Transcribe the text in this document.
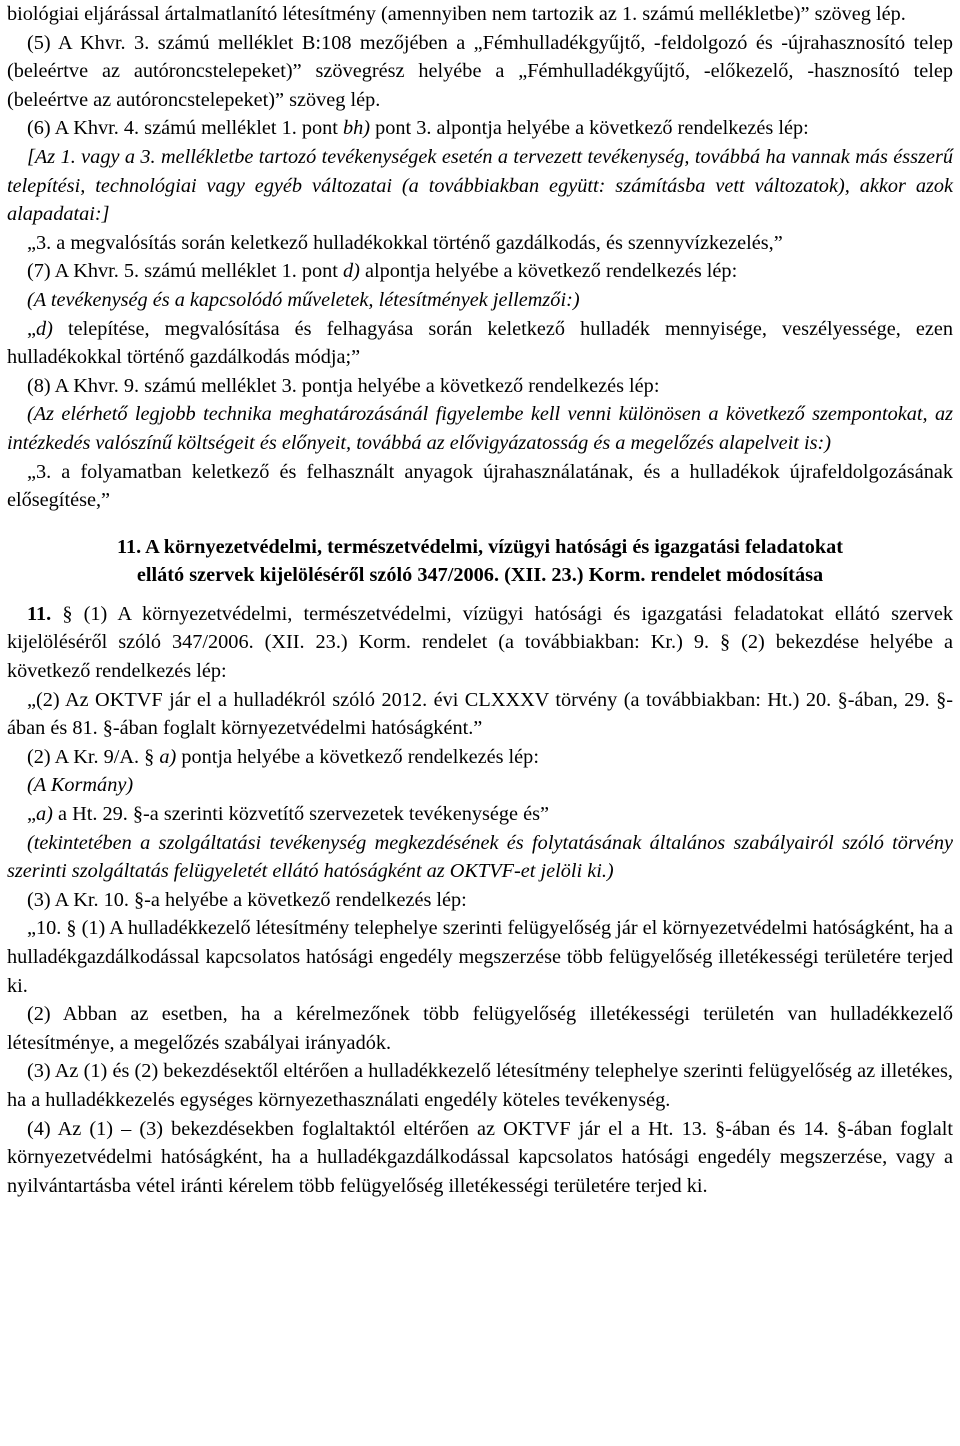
biológiai eljárással ártalmatlanító létesítmény (amennyiben nem tartozik az 1. számú mellékletbe)” szöveg lép.

(5) A Khvr. 3. számú melléklet B:108 mezőjében a „Fémhulladékgyűjtő, -feldolgozó és -újrahasznosító telep (beleértve az autóroncstelepeket)” szövegrész helyébe a „Fémhulladékgyűjtő, -előkezelő, -hasznosító telep (beleértve az autóroncstelepeket)” szöveg lép.

(6) A Khvr. 4. számú melléklet 1. pont bh) pont 3. alpontja helyébe a következő rendelkezés lép:

[Az 1. vagy a 3. mellékletbe tartozó tevékenységek esetén a tervezett tevékenység, továbbá ha vannak más ésszerű telepítési, technológiai vagy egyéb változatai (a továbbiakban együtt: számításba vett változatok), akkor azok alapadatai:]

„3. a megvalósítás során keletkező hulladékokkal történő gazdálkodás, és szennyvízkezelés,”

(7) A Khvr. 5. számú melléklet 1. pont d) alpontja helyébe a következő rendelkezés lép:

(A tevékenység és a kapcsolódó műveletek, létesítmények jellemzői:)

„d) telepítése, megvalósítása és felhagyása során keletkező hulladék mennyisége, veszélyessége, ezen hulladékokkal történő gazdálkodás módja;”

(8) A Khvr. 9. számú melléklet 3. pontja helyébe a következő rendelkezés lép:

(Az elérhető legjobb technika meghatározásánál figyelembe kell venni különösen a következő szempontokat, az intézkedés valószínű költségeit és előnyeit, továbbá az elővigyázatosság és a megelőzés alapelveit is:)

„3. a folyamatban keletkező és felhasznált anyagok újrahasználatának, és a hulladékok újrafeldolgozásának elősegítése,”

11. A környezetvédelmi, természetvédelmi, vízügyi hatósági és igazgatási feladatokat

ellátó szervek kijelöléséről szóló 347/2006. (XII. 23.) Korm. rendelet módosítása

11. § (1) A környezetvédelmi, természetvédelmi, vízügyi hatósági és igazgatási feladatokat ellátó szervek kijelöléséről szóló 347/2006. (XII. 23.) Korm. rendelet (a továbbiakban: Kr.) 9. § (2) bekezdése helyébe a következő rendelkezés lép:

„(2) Az OKTVF jár el a hulladékról szóló 2012. évi CLXXXV törvény (a továbbiakban: Ht.) 20. §-ában, 29. §-ában és 81. §-ában foglalt környezetvédelmi hatóságként.”

(2) A Kr. 9/A. § a) pontja helyébe a következő rendelkezés lép:

(A Kormány)

„a) a Ht. 29. §-a szerinti közvetítő szervezetek tevékenysége és”

(tekintetében a szolgáltatási tevékenység megkezdésének és folytatásának általános szabályairól szóló törvény szerinti szolgáltatás felügyeletét ellátó hatóságként az OKTVF-et jelöli ki.)

(3) A Kr. 10. §-a helyébe a következő rendelkezés lép:

„10. § (1) A hulladékkezelő létesítmény telephelye szerinti felügyelőség jár el környezetvédelmi hatóságként, ha a hulladékgazdálkodással kapcsolatos hatósági engedély megszerzése több felügyelőség illetékességi területére terjed ki.

(2) Abban az esetben, ha a kérelmezőnek több felügyelőség illetékességi területén van hulladékkezelő létesítménye, a megelőzés szabályai irányadók.

(3) Az (1) és (2) bekezdésektől eltérően a hulladékkezelő létesítmény telephelye szerinti felügyelőség az illetékes, ha a hulladékkezelés egységes környezethasználati engedély köteles tevékenység.

(4) Az (1) – (3) bekezdésekben foglaltaktól eltérően az OKTVF jár el a Ht. 13. §-ában és 14. §-ában foglalt környezetvédelmi hatóságként, ha a hulladékgazdálkodással kapcsolatos hatósági engedély megszerzése, vagy a nyilvántartásba vétel iránti kérelem több felügyelőség illetékességi területére terjed ki.
